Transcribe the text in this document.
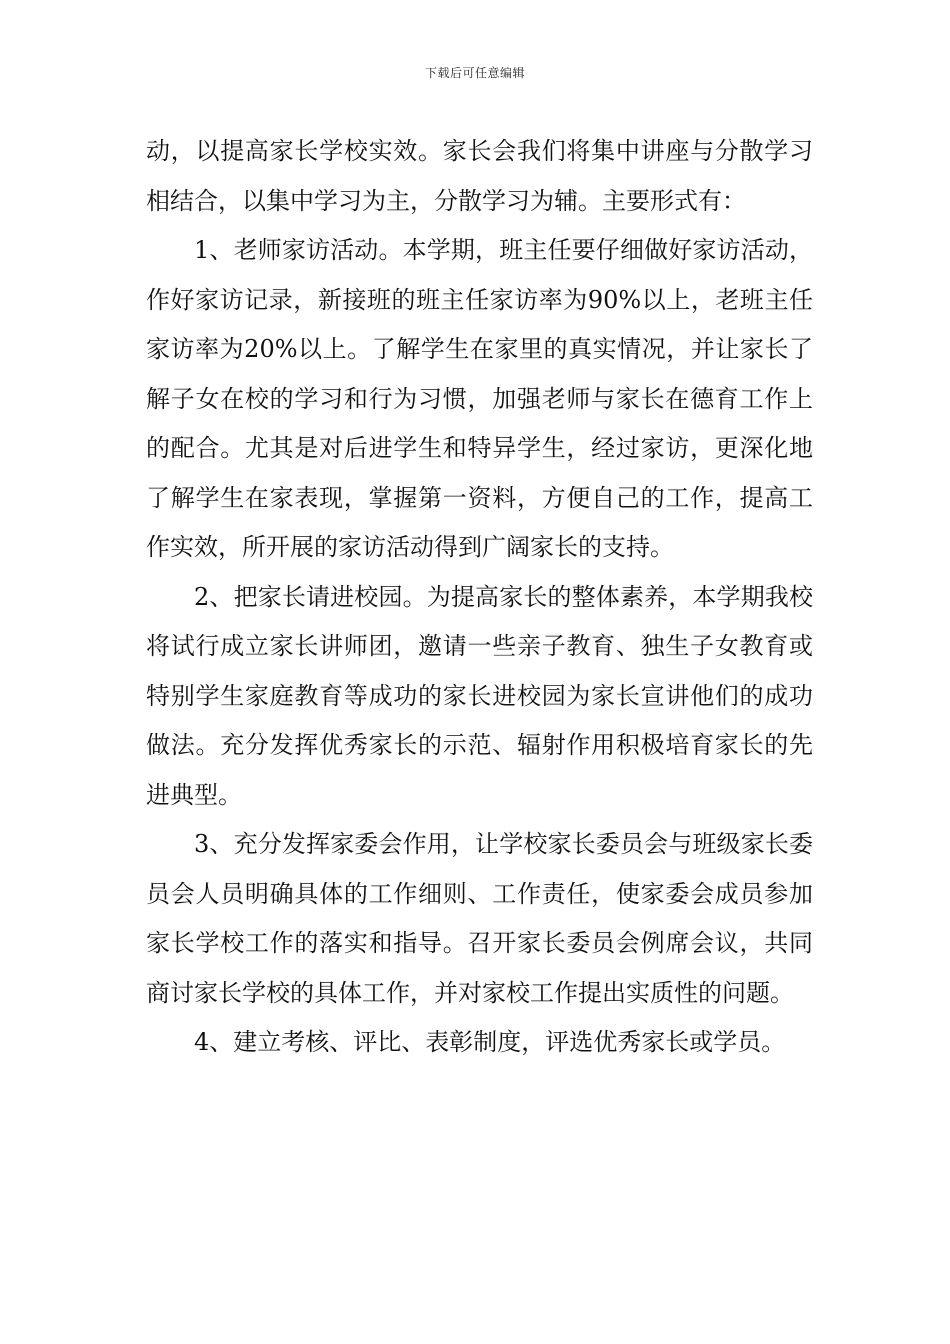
下载后可任意编辑

动，以提高家长学校实效。家长会我们将集中讲座与分散学习相结合，以集中学习为主，分散学习为辅。主要形式有：

1、老师家访活动。本学期，班主任要仔细做好家访活动，作好家访记录，新接班的班主任家访率为90%以上，老班主任家访率为20%以上。了解学生在家里的真实情况，并让家长了解子女在校的学习和行为习惯，加强老师与家长在德育工作上的配合。尤其是对后进学生和特异学生，经过家访，更深化地了解学生在家表现，掌握第一资料，方便自己的工作，提高工作实效，所开展的家访活动得到广阔家长的支持。

2、把家长请进校园。为提高家长的整体素养，本学期我校将试行成立家长讲师团，邀请一些亲子教育、独生子女教育或特别学生家庭教育等成功的家长进校园为家长宣讲他们的成功做法。充分发挥优秀家长的示范、辐射作用积极培育家长的先进典型。

3、充分发挥家委会作用，让学校家长委员会与班级家长委员会人员明确具体的工作细则、工作责任，使家委会成员参加家长学校工作的落实和指导。召开家长委员会例席会议，共同商讨家长学校的具体工作，并对家校工作提出实质性的问题。

4、建立考核、评比、表彰制度，评选优秀家长或学员。
